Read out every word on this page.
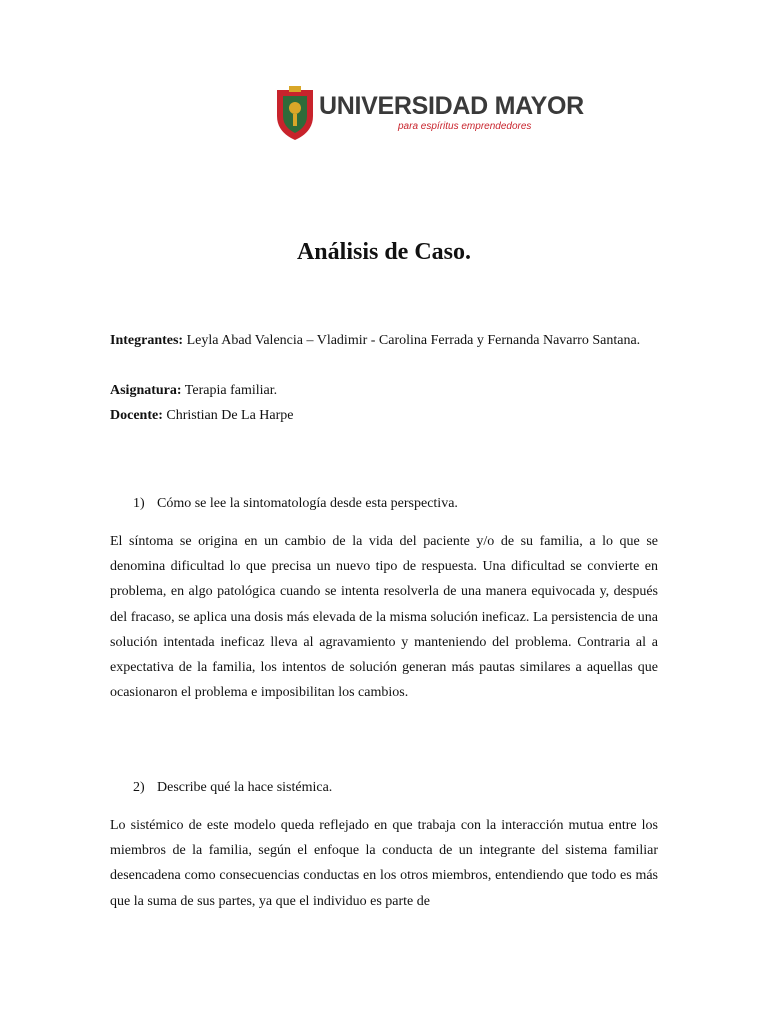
UNIVERSIDAD MAYOR
para espíritus emprendedores
Análisis de Caso.

Integrantes: Leyla Abad Valencia – Vladimir - Carolina Ferrada y Fernanda Navarro Santana.

Asignatura: Terapia familiar.

Docente: Christian De La Harpe

1) Cómo se lee la sintomatología desde esta perspectiva.

El síntoma se origina en un cambio de la vida del paciente y/o de su familia, a lo que se denomina dificultad lo que precisa un nuevo tipo de respuesta. Una dificultad se convierte en problema, en algo patológica cuando se intenta resolverla de una manera equivocada y, después del fracaso, se aplica una dosis más elevada de la misma solución ineficaz. La persistencia de una solución intentada ineficaz lleva al agravamiento y manteniendo del problema. Contraria al a expectativa de la familia, los intentos de solución generan más pautas similares a aquellas que ocasionaron el problema e imposibilitan los cambios.

2) Describe qué la hace sistémica.

Lo sistémico de este modelo queda reflejado en que trabaja con la interacción mutua entre los miembros de la familia, según el enfoque la conducta de un integrante del sistema familiar desencadena como consecuencias conductas en los otros miembros, entendiendo que todo es más que la suma de sus partes, ya que el individuo es parte de
